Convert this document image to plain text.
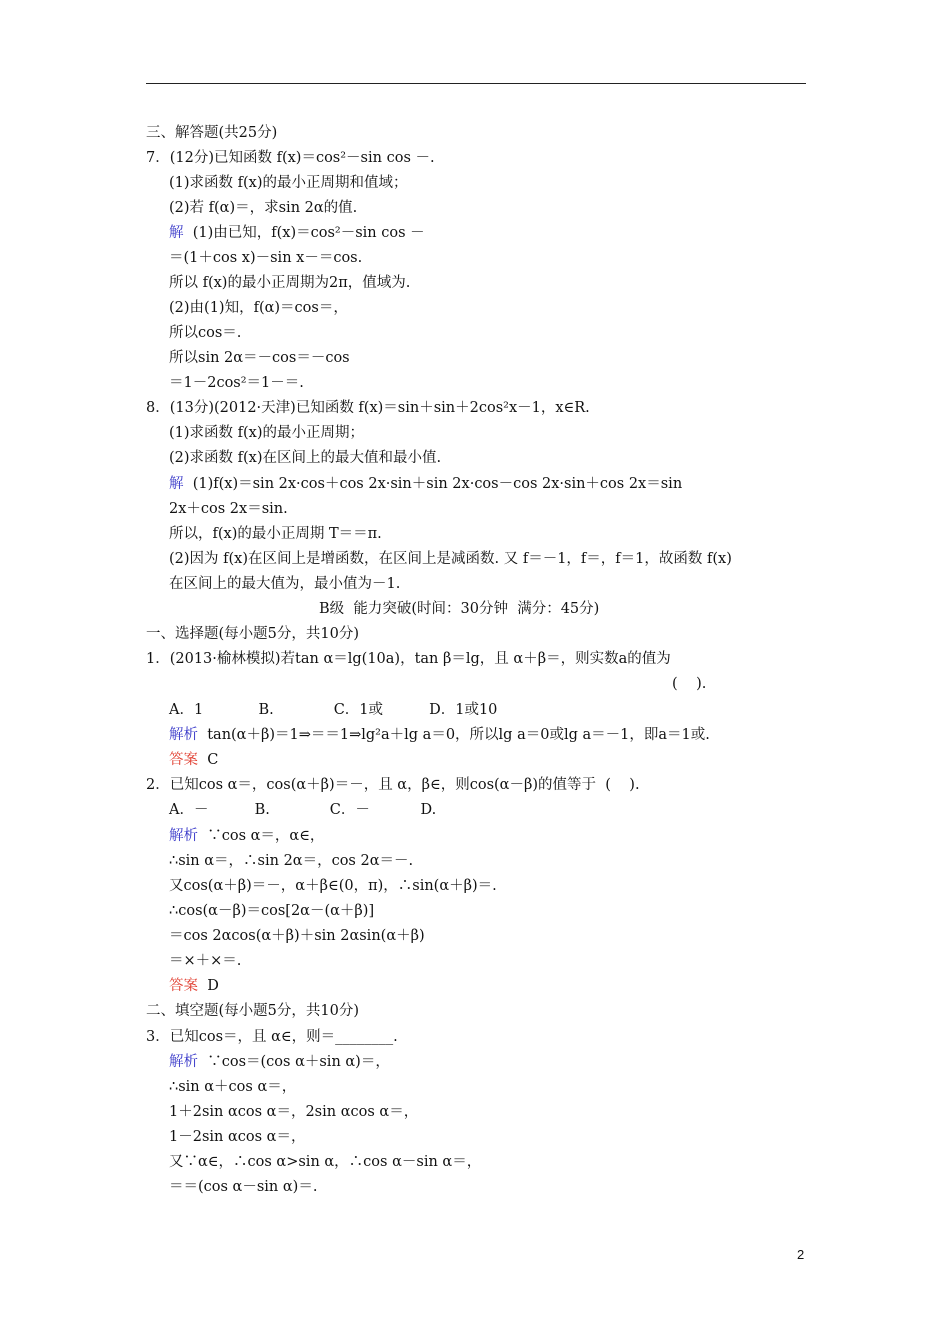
三、解答题(共25分)
7．(12分)已知函数 f(x)＝cos²－sin cos －.
(1)求函数 f(x)的最小正周期和值域；
(2)若 f(α)＝，求sin 2α的值.
解  (1)由已知，f(x)＝cos²－sin cos －
＝(1＋cos x)－sin x－＝cos.
所以 f(x)的最小正周期为2π，值域为.
(2)由(1)知，f(α)＝cos＝，
所以cos＝.
所以sin 2α＝－cos＝－cos
＝1－2cos²＝1－＝.
8．(13分)(2012·天津)已知函数 f(x)＝sin＋sin＋2cos²x－1，x∈R.
(1)求函数 f(x)的最小正周期；
(2)求函数 f(x)在区间上的最大值和最小值.
解  (1)f(x)＝sin 2x·cos＋cos 2x·sin＋sin 2x·cos－cos 2x·sin＋cos 2x＝sin
2x＋cos 2x＝sin.
所以，f(x)的最小正周期 T＝＝π.
(2)因为 f(x)在区间上是增函数，在区间上是减函数. 又 f＝－1，f＝，f＝1，故函数 f(x)
在区间上的最大值为，最小值为－1.
B级  能力突破(时间：30分钟  满分：45分)
一、选择题(每小题5分，共10分)
1．(2013·榆林模拟)若tan α＝lg(10a)，tan β＝lg，且 α＋β＝，则实数a的值为
(    ).
A．1            B.             C．1或          D．1或10
解析  tan(α＋β)＝1⇒＝＝1⇒lg²a＋lg a＝0，所以lg a＝0或lg a＝－1，即a＝1或.
答案  C
2．已知cos α＝，cos(α＋β)＝－，且 α，β∈，则cos(α－β)的值等于  (    ).
A．－          B.             C．－           D.
解析  ∵cos α＝，α∈，
∴sin α＝，∴sin 2α＝，cos 2α＝－.
又cos(α＋β)＝－，α＋β∈(0，π)，∴sin(α＋β)＝.
∴cos(α－β)＝cos[2α－(α＋β)]
＝cos 2αcos(α＋β)＋sin 2αsin(α＋β)
＝×＋×＝.
答案  D
二、填空题(每小题5分，共10分)
3．已知cos＝，且 α∈，则＝________.
解析  ∵cos＝(cos α＋sin α)＝，
∴sin α＋cos α＝，
1＋2sin αcos α＝，2sin αcos α＝，
1－2sin αcos α＝，
又∵α∈，∴cos α>sin α，∴cos α－sin α＝，
＝＝(cos α－sin α)＝.
2
